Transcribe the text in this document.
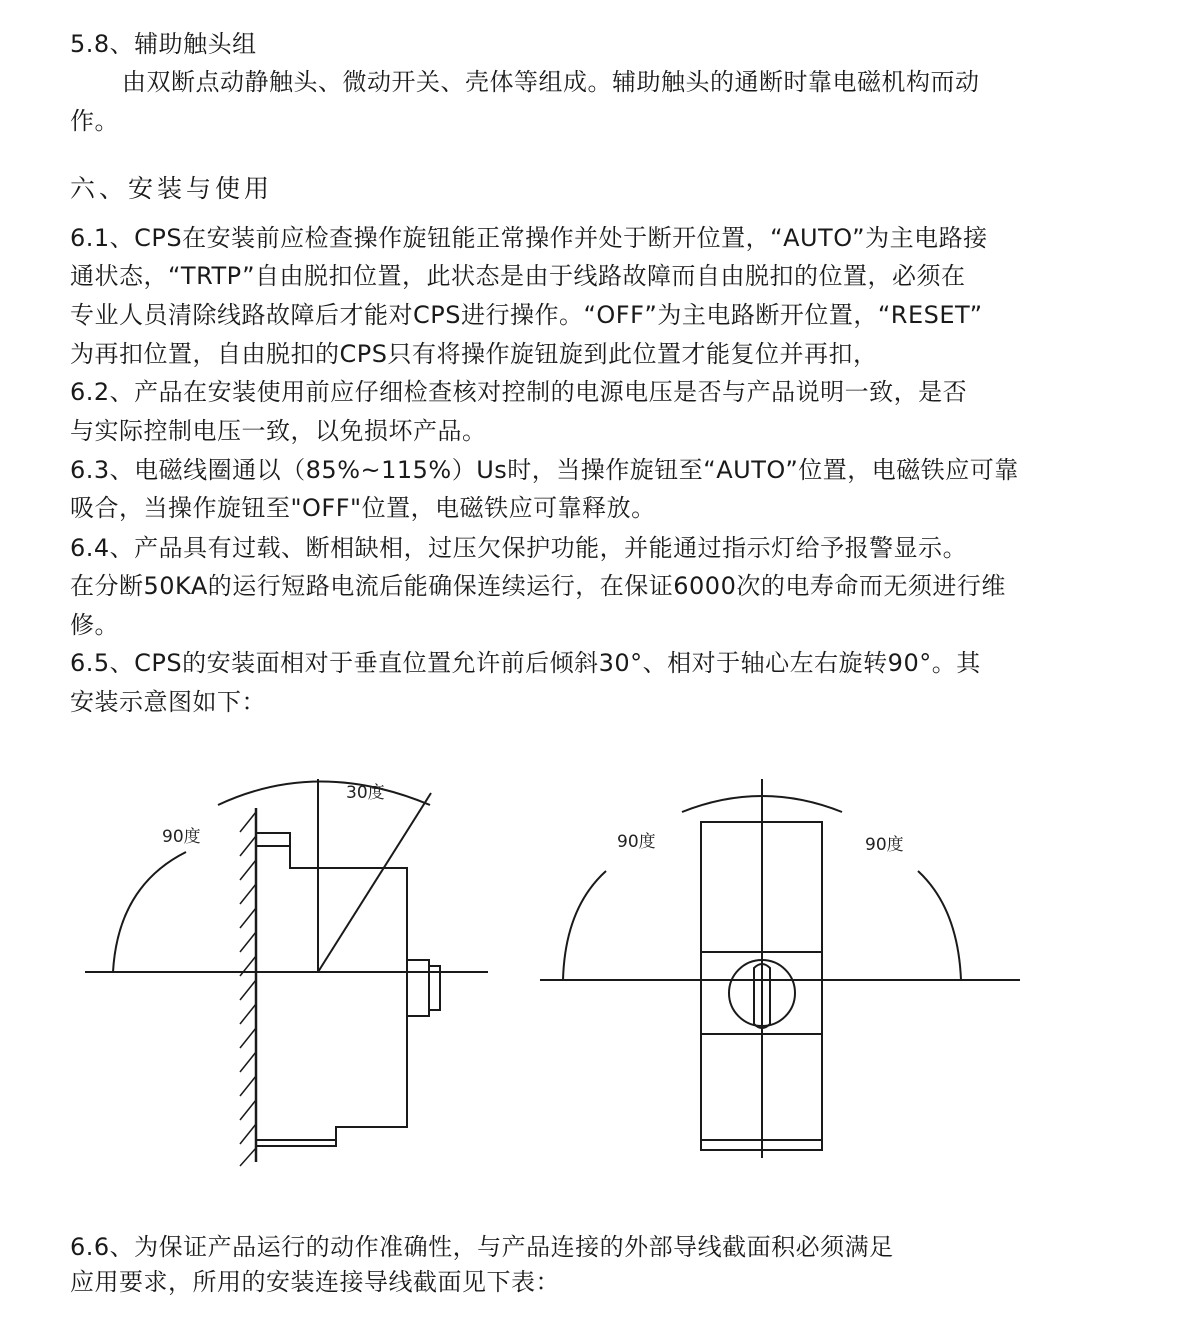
5.8、辅助触头组
由双断点动静触头、微动开关、壳体等组成。辅助触头的通断时靠电磁机构而动
作。
六、安装与使用
6.1、CPS在安装前应检查操作旋钮能正常操作并处于断开位置，“AUTO”为主电路接
通状态，“TRTP”自由脱扣位置，此状态是由于线路故障而自由脱扣的位置，必须在
专业人员清除线路故障后才能对CPS进行操作。“OFF”为主电路断开位置，“RESET”
为再扣位置，自由脱扣的CPS只有将操作旋钮旋到此位置才能复位并再扣，
6.2、产品在安装使用前应仔细检查核对控制的电源电压是否与产品说明一致，是否
与实际控制电压一致，以免损坏产品。
6.3、电磁线圈通以（85%~115%）Us时，当操作旋钮至“AUTO”位置，电磁铁应可靠
吸合，当操作旋钮至"OFF"位置，电磁铁应可靠释放。
6.4、产品具有过载、断相缺相，过压欠保护功能，并能通过指示灯给予报警显示。
在分断50KA的运行短路电流后能确保连续运行，在保证6000次的电寿命而无须进行维
修。
6.5、CPS的安装面相对于垂直位置允许前后倾斜30°、相对于轴心左右旋转90°。其
安装示意图如下：
90度
30度
90度	90度
6.6、为保证产品运行的动作准确性，与产品连接的外部导线截面积必须满足
应用要求，所用的安装连接导线截面见下表：
